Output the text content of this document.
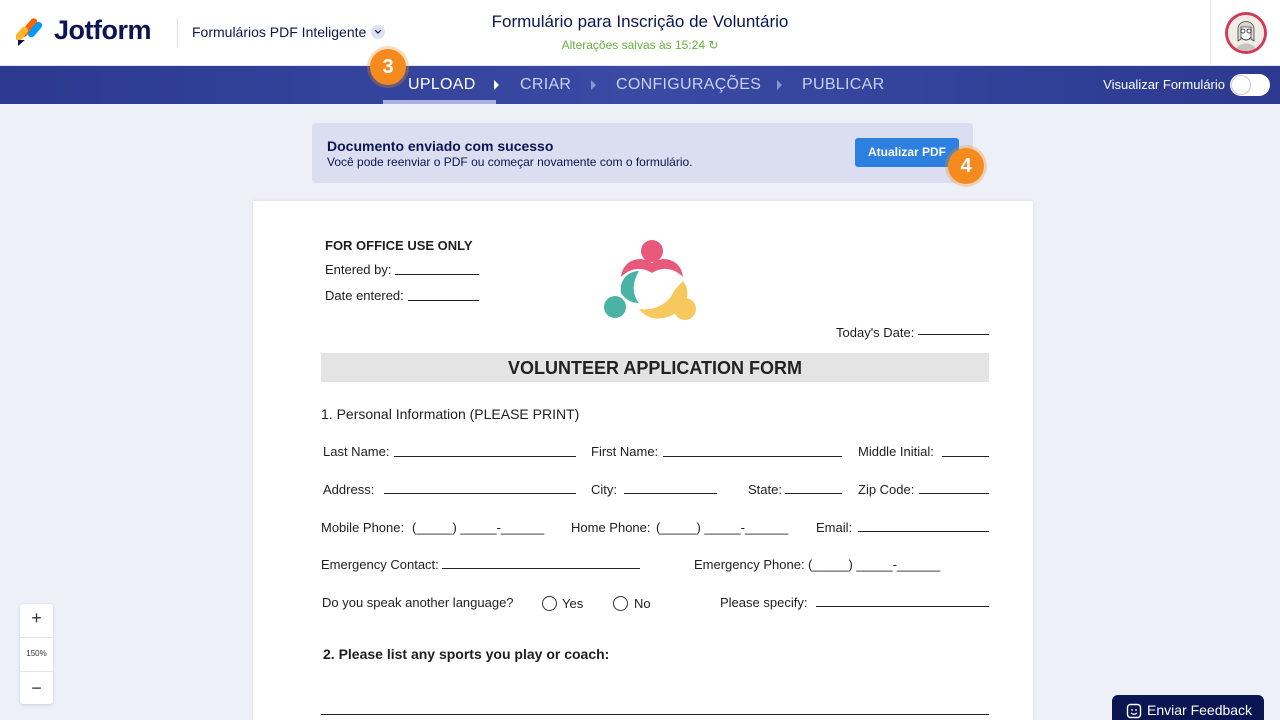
Jotform	Formulários PDF Inteligente
Formulário para Inscrição de Voluntário
Alterações salvas às 15:24 ↻
UPLOAD	CRIAR	CONFIGURAÇÕES	PUBLICAR	Visualizar Formulário
3
Documento enviado com sucesso
Você pode reenviar o PDF ou começar novamente com o formulário.
Atualizar PDF
4
FOR OFFICE USE ONLY
Entered by:
Date entered:
Today's Date:
VOLUNTEER APPLICATION FORM
1. Personal Information (PLEASE PRINT)
Last Name:	First Name:	Middle Initial:
Address:	City:	State:	Zip Code:
Mobile Phone: (_____) _____-______ Home Phone: (_____) _____-______ Email:
Emergency Contact:	Emergency Phone: (_____) _____-______
Do you speak another language?	Yes	No	Please specify:
2. Please list any sports you play or coach:
+
150%
−
Enviar Feedback
